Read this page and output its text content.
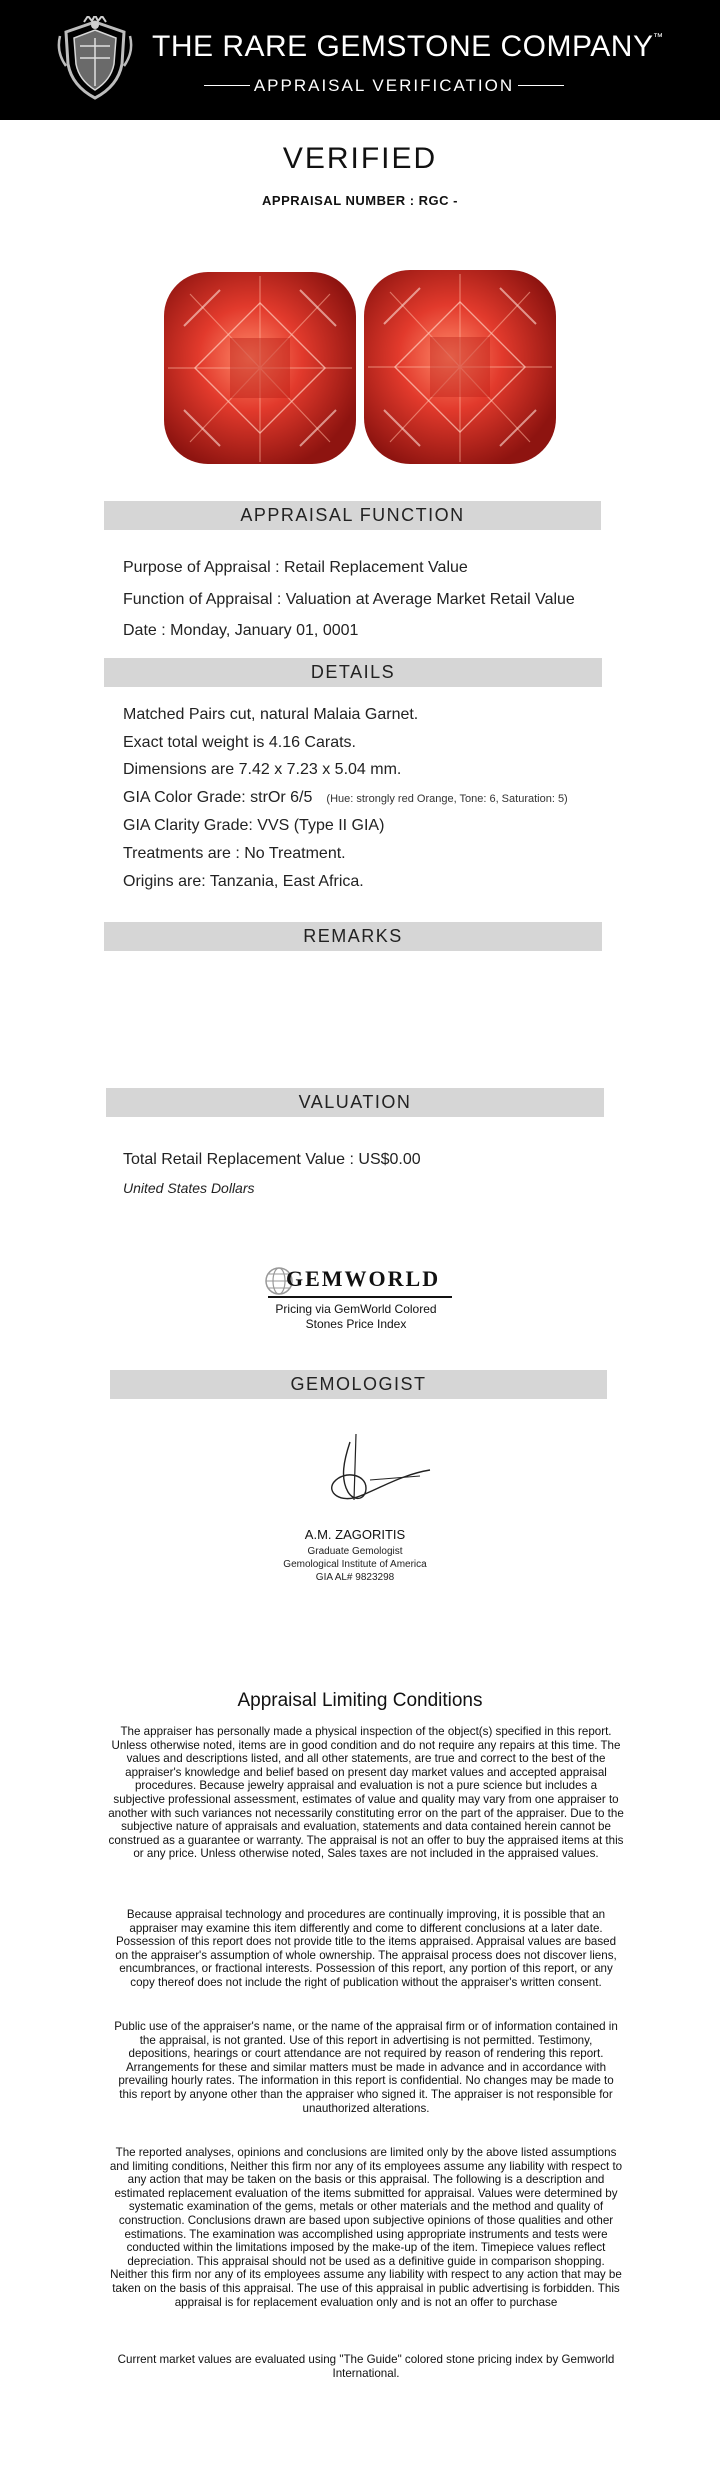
THE RARE GEMSTONE COMPANY ™
APPRAISAL VERIFICATION
VERIFIED
APPRAISAL NUMBER : RGC -
APPRAISAL FUNCTION
Purpose of Appraisal : Retail Replacement Value
Function of Appraisal : Valuation at Average Market Retail Value
Date : Monday, January 01, 0001
DETAILS
Matched Pairs cut, natural Malaia Garnet.
Exact total weight is 4.16 Carats.
Dimensions are 7.42 x 7.23 x 5.04 mm.
GIA Color Grade: strOr 6/5 (Hue: strongly red Orange, Tone: 6, Saturation: 5)
GIA Clarity Grade: VVS (Type II GIA)
Treatments are : No Treatment.
Origins are: Tanzania, East Africa.
REMARKS
VALUATION
Total Retail Replacement Value : US$0.00
United States Dollars
GEMWORLD
Pricing via GemWorld Colored
Stones Price Index
GEMOLOGIST
A.M. ZAGORITIS
Graduate Gemologist
Gemological Institute of America
GIA AL# 9823298
Appraisal Limiting Conditions
The appraiser has personally made a physical inspection of the object(s) specified in this report. Unless otherwise noted, items are in good condition and do not require any repairs at this time. The values and descriptions listed, and all other statements, are true and correct to the best of the appraiser's knowledge and belief based on present day market values and accepted appraisal procedures. Because jewelry appraisal and evaluation is not a pure science but includes a subjective professional assessment, estimates of value and quality may vary from one appraiser to another with such variances not necessarily constituting error on the part of the appraiser. Due to the subjective nature of appraisals and evaluation, statements and data contained herein cannot be construed as a guarantee or warranty. The appraisal is not an offer to buy the appraised items at this or any price. Unless otherwise noted, Sales taxes are not included in the appraised values.
Because appraisal technology and procedures are continually improving, it is possible that an appraiser may examine this item differently and come to different conclusions at a later date. Possession of this report does not provide title to the items appraised. Appraisal values are based on the appraiser's assumption of whole ownership. The appraisal process does not discover liens, encumbrances, or fractional interests. Possession of this report, any portion of this report, or any copy thereof does not include the right of publication without the appraiser's written consent.
Public use of the appraiser's name, or the name of the appraisal firm or of information contained in the appraisal, is not granted. Use of this report in advertising is not permitted. Testimony, depositions, hearings or court attendance are not required by reason of rendering this report. Arrangements for these and similar matters must be made in advance and in accordance with prevailing hourly rates. The information in this report is confidential. No changes may be made to this report by anyone other than the appraiser who signed it. The appraiser is not responsible for unauthorized alterations.
The reported analyses, opinions and conclusions are limited only by the above listed assumptions and limiting conditions, Neither this firm nor any of its employees assume any liability with respect to any action that may be taken on the basis or this appraisal. The following is a description and estimated replacement evaluation of the items submitted for appraisal. Values were determined by systematic examination of the gems, metals or other materials and the method and quality of construction. Conclusions drawn are based upon subjective opinions of those qualities and other estimations. The examination was accomplished using appropriate instruments and tests were conducted within the limitations imposed by the make-up of the item. Timepiece values reflect depreciation. This appraisal should not be used as a definitive guide in comparison shopping. Neither this firm nor any of its employees assume any liability with respect to any action that may be taken on the basis of this appraisal. The use of this appraisal in public advertising is forbidden. This appraisal is for replacement evaluation only and is not an offer to purchase
Current market values are evaluated using "The Guide" colored stone pricing index by Gemworld International.
